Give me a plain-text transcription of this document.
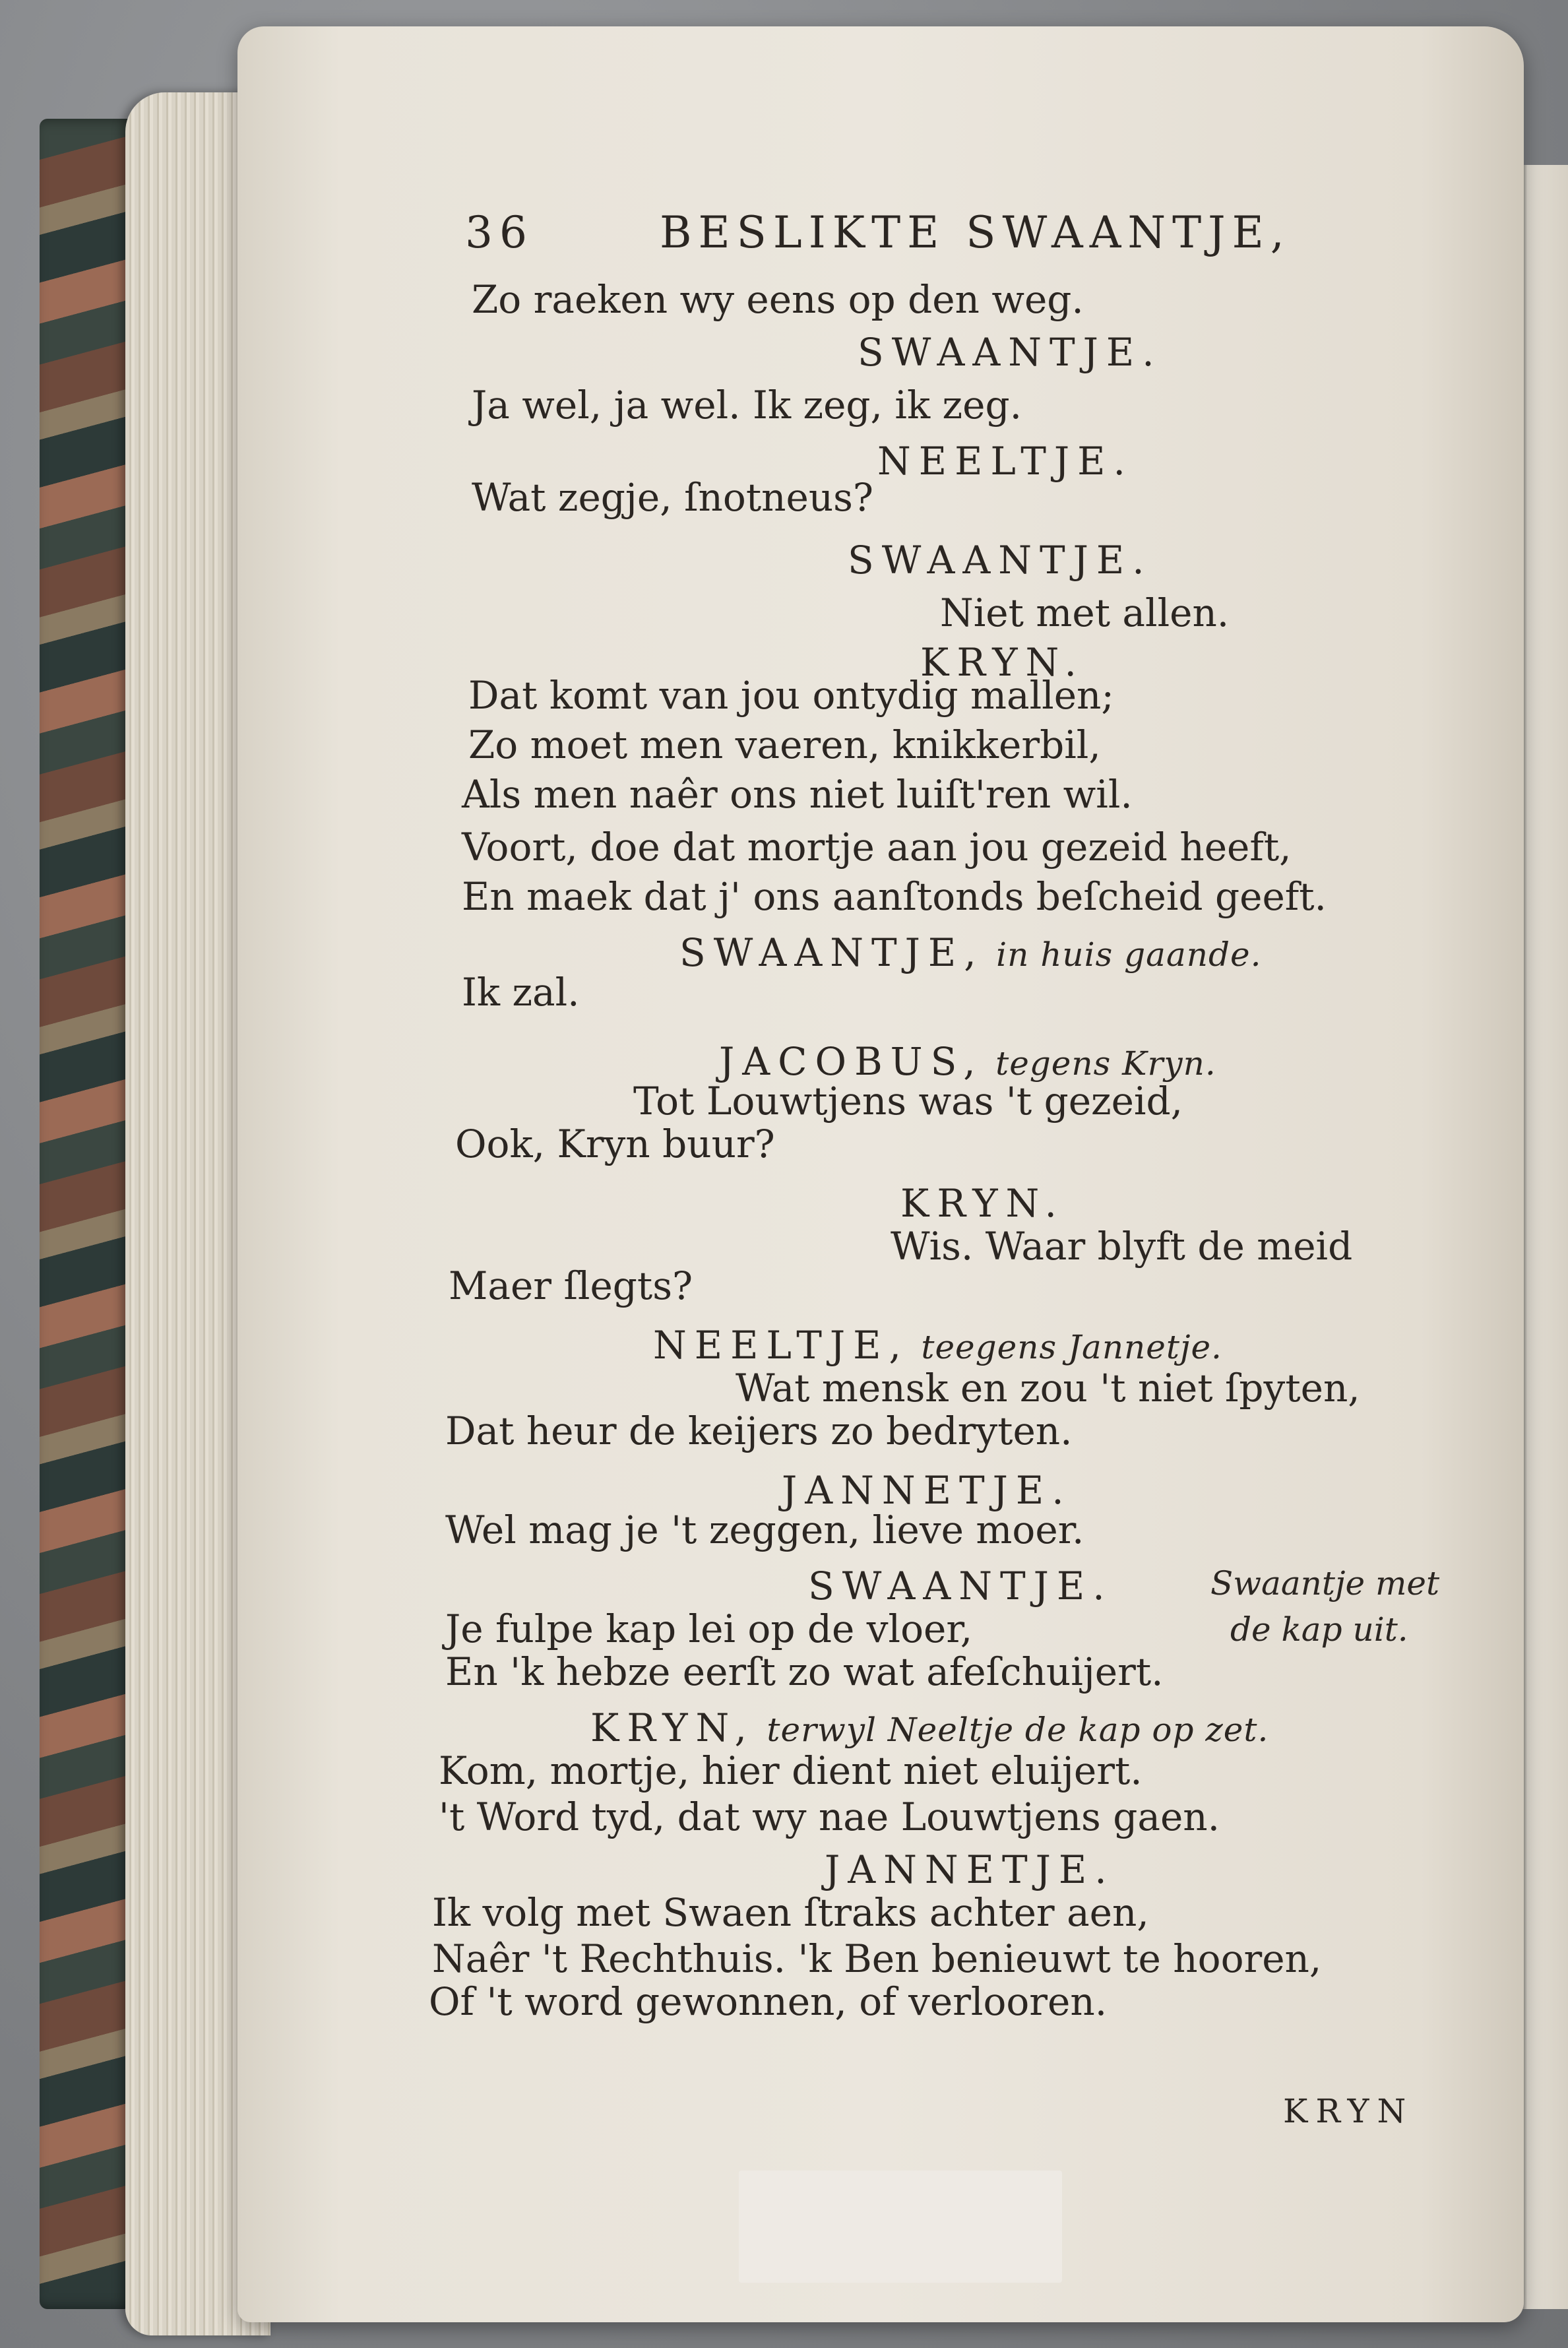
36	BESLIKTE SWAANTJE,
Zo raeken wy eens op den weg.
SWAANTJE.
Ja wel, ja wel. Ik zeg, ik zeg.
NEELTJE.
Wat zegje, ſnotneus?
SWAANTJE.
Niet met allen.
KRYN.
Dat komt van jou ontydig mallen;
Zo moet men vaeren, knikkerbil,
Als men naêr ons niet luiſt'ren wil.
Voort, doe dat mortje aan jou gezeid heeft,
En maek dat j' ons aanſtonds beſcheid geeft.
SWAANTJE, in huis gaande.
Ik zal.
JACOBUS, tegens Kryn.
Tot Louwtjens was 't gezeid,
Ook, Kryn buur?
KRYN.
Wis. Waar blyft de meid
Maer ſlegts?
NEELTJE, teegens Jannetje.
Wat mensk en zou 't niet ſpyten,
Dat heur de keijers zo bedryten.
JANNETJE.
Wel mag je 't zeggen, lieve moer.
SWAANTJE.
Je fulpe kap lei op de vloer,
En 'k hebze eerſt zo wat afeſchuijert.
KRYN, terwyl Neeltje de kap op zet.
Kom, mortje, hier dient niet eluijert.
't Word tyd, dat wy nae Louwtjens gaen.
JANNETJE.
Ik volg met Swaen ſtraks achter aen,
Naêr 't Rechthuis. 'k Ben benieuwt te hooren,
Of 't word gewonnen, of verlooren.
Swaantje met
de kap uit.
KRYN
